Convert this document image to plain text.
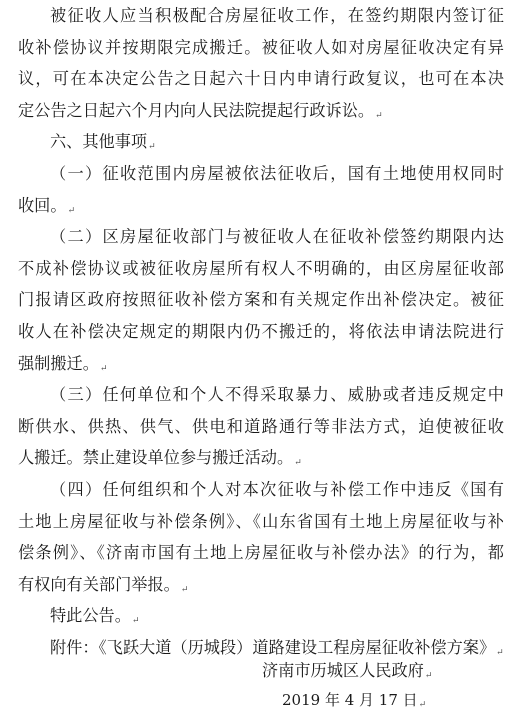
被征收人应当积极配合房屋征收工作，在签约期限内签订征
收补偿协议并按期限完成搬迁。被征收人如对房屋征收决定有异
议，可在本决定公告之日起六十日内申请行政复议，也可在本决
定公告之日起六个月内向人民法院提起行政诉讼。↵
六、其他事项↵
（一）征收范围内房屋被依法征收后，国有土地使用权同时
收回。↵
（二）区房屋征收部门与被征收人在征收补偿签约期限内达
不成补偿协议或被征收房屋所有权人不明确的，由区房屋征收部
门报请区政府按照征收补偿方案和有关规定作出补偿决定。被征
收人在补偿决定规定的期限内仍不搬迁的，将依法申请法院进行
强制搬迁。↵
（三）任何单位和个人不得采取暴力、威胁或者违反规定中
断供水、供热、供气、供电和道路通行等非法方式，迫使被征收
人搬迁。禁止建设单位参与搬迁活动。↵
（四）任何组织和个人对本次征收与补偿工作中违反《国有
土地上房屋征收与补偿条例》、《山东省国有土地上房屋征收与补
偿条例》、《济南市国有土地上房屋征收与补偿办法》的行为，都
有权向有关部门举报。↵
特此公告。↵
附件：《飞跃大道（历城段）道路建设工程房屋征收补偿方案》↵
济南市历城区人民政府↵
2019 年 4 月 17 日↵
